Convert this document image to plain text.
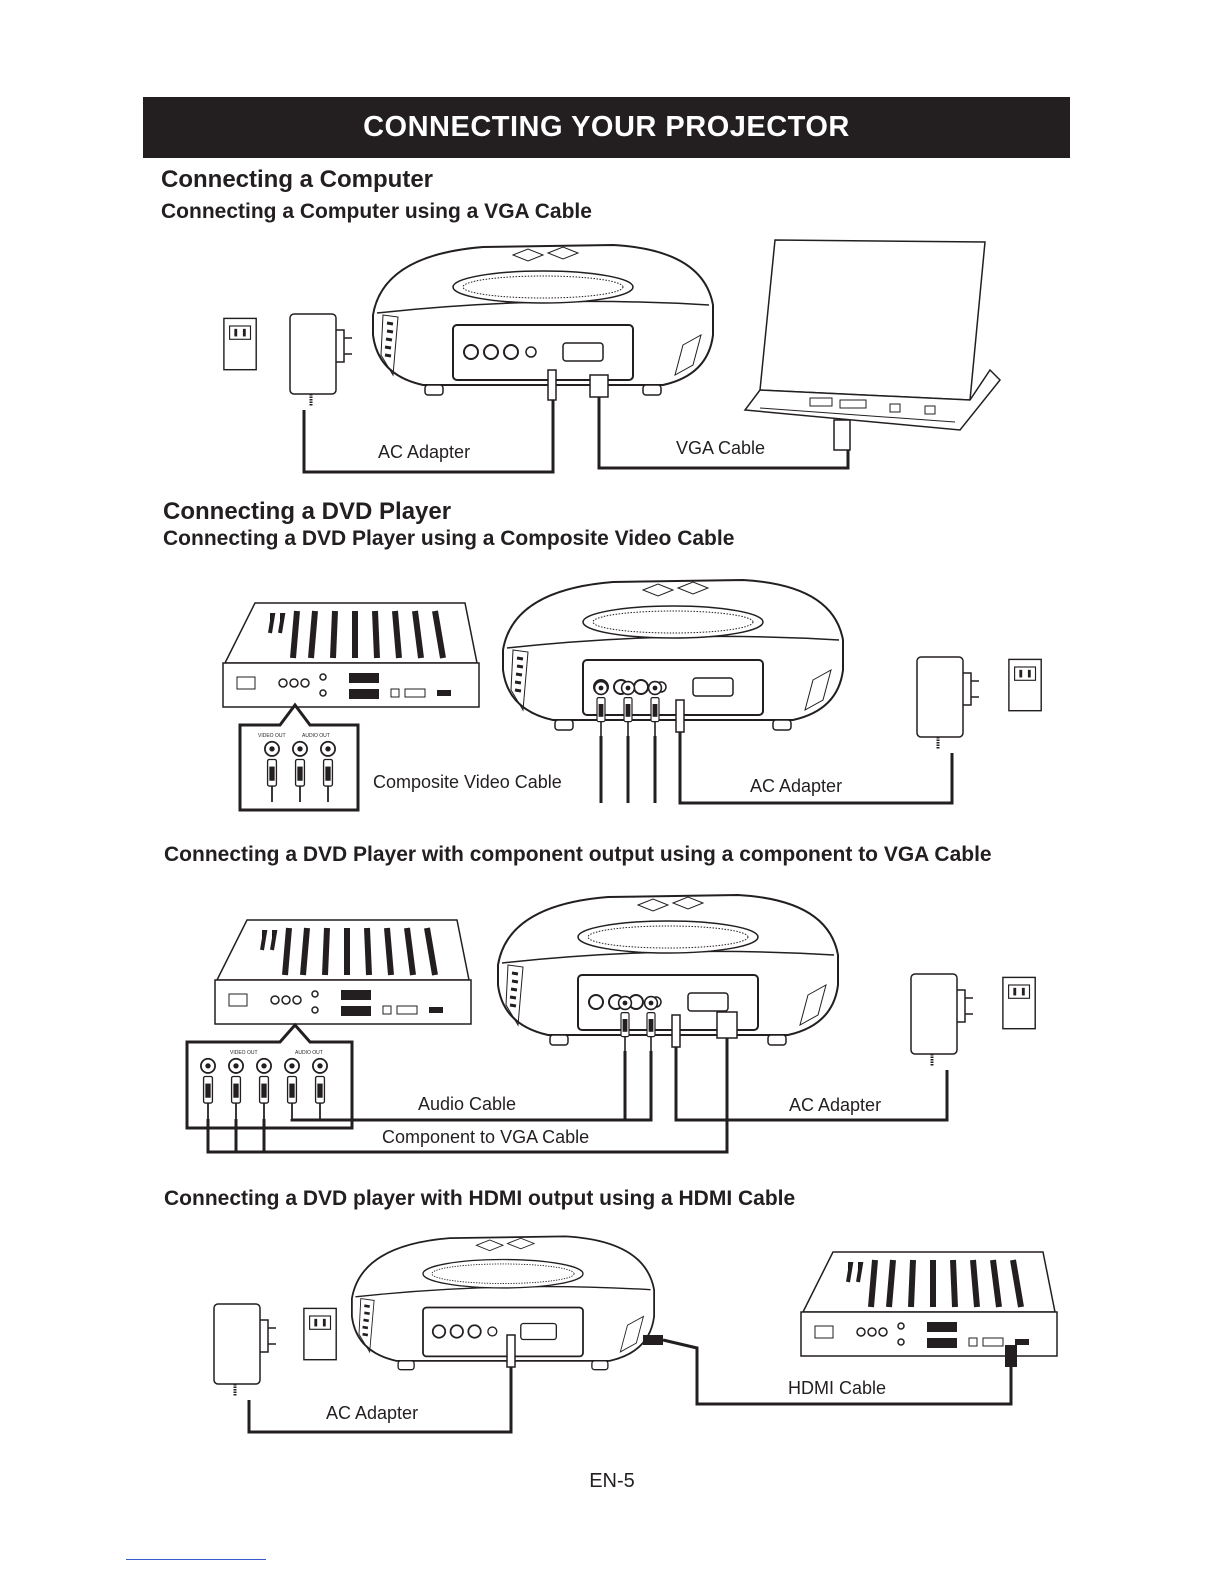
CONNECTING YOUR PROJECTOR
Connecting a Computer
Connecting a Computer using a VGA Cable
AC Adapter	VGA Cable
Connecting a DVD Player
Connecting a DVD Player using a Composite Video Cable
VIDEO OUT	AUDIO OUT
Composite Video Cable	AC Adapter
Connecting a DVD Player with component output using a component to VGA Cable
VIDEO OUT	AUDIO OUT
Audio Cable	AC Adapter
Component to VGA Cable
Connecting a DVD player with HDMI output using a HDMI Cable
HDMI Cable
AC Adapter
EN-5
